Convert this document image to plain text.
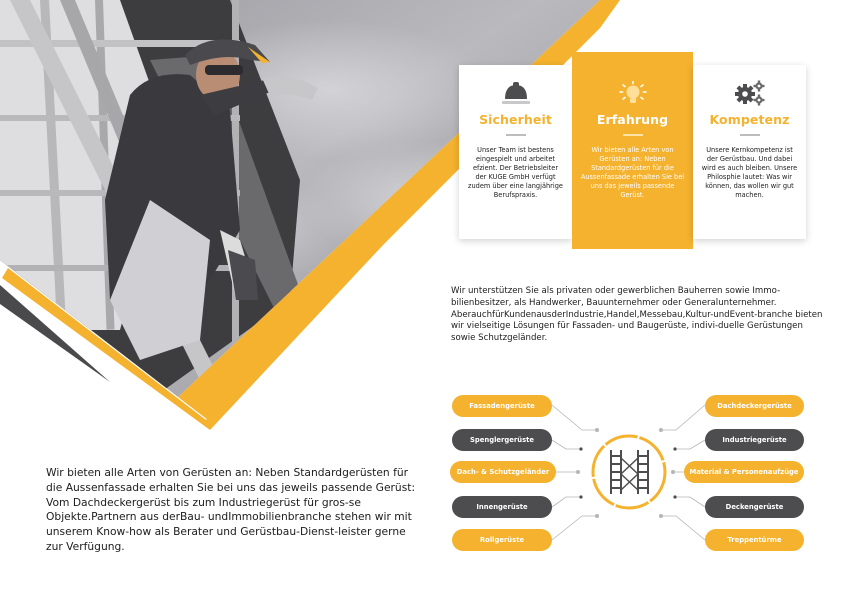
Sicherheit
Unser Team ist bestens eingespielt und arbeitet efzient. Der Betriebsleiter der KUGE GmbH verfügt zudem über eine langjährige Berufspraxis.
Erfahrung
Wir bieten alle Arten von Gerüsten an: Neben Standardgerüsten für die Aussenfassade erhalten Sie bei uns das jeweils passende Gerüst.
Kompetenz
Unsere Kernkompetenz ist der Gerüstbau. Und dabei wird es auch bleiben. Unsere Philosphie lautet: Was wir können, das wollen wir gut machen.

Wir unterstützen Sie als privaten oder gewerblichen Bauherren sowie Immo-bilienbesitzer, als Handwerker, Bauunternehmer oder Generalunternehmer. AberauchfürKundenausderIndustrie,Handel,Messebau,Kultur-undEvent-branche bieten wir vielseitige Lösungen für Fassaden- und Baugerüste, indivi-duelle Gerüstungen sowie Schutzgeländer.

Wir bieten alle Arten von Gerüsten an: Neben Standardgerüsten für die Aussenfassade erhalten Sie bei uns das jeweils passende Gerüst: Vom Dachdeckergerüst bis zum Industriegerüst für gros-se Objekte.Partnern aus derBau- undImmobilienbranche stehen wir mit unserem Know-how als Berater und Gerüstbau-Dienst-leister gerne zur Verfügung.

Fassadengerüste
Spenglergerüste
Dach- & Schutzgeländer
Innengerüste
Rollgerüste
Dachdeckergerüste
Industriegerüste
Material & Personenaufzüge
Deckengerüste
Treppentürme
